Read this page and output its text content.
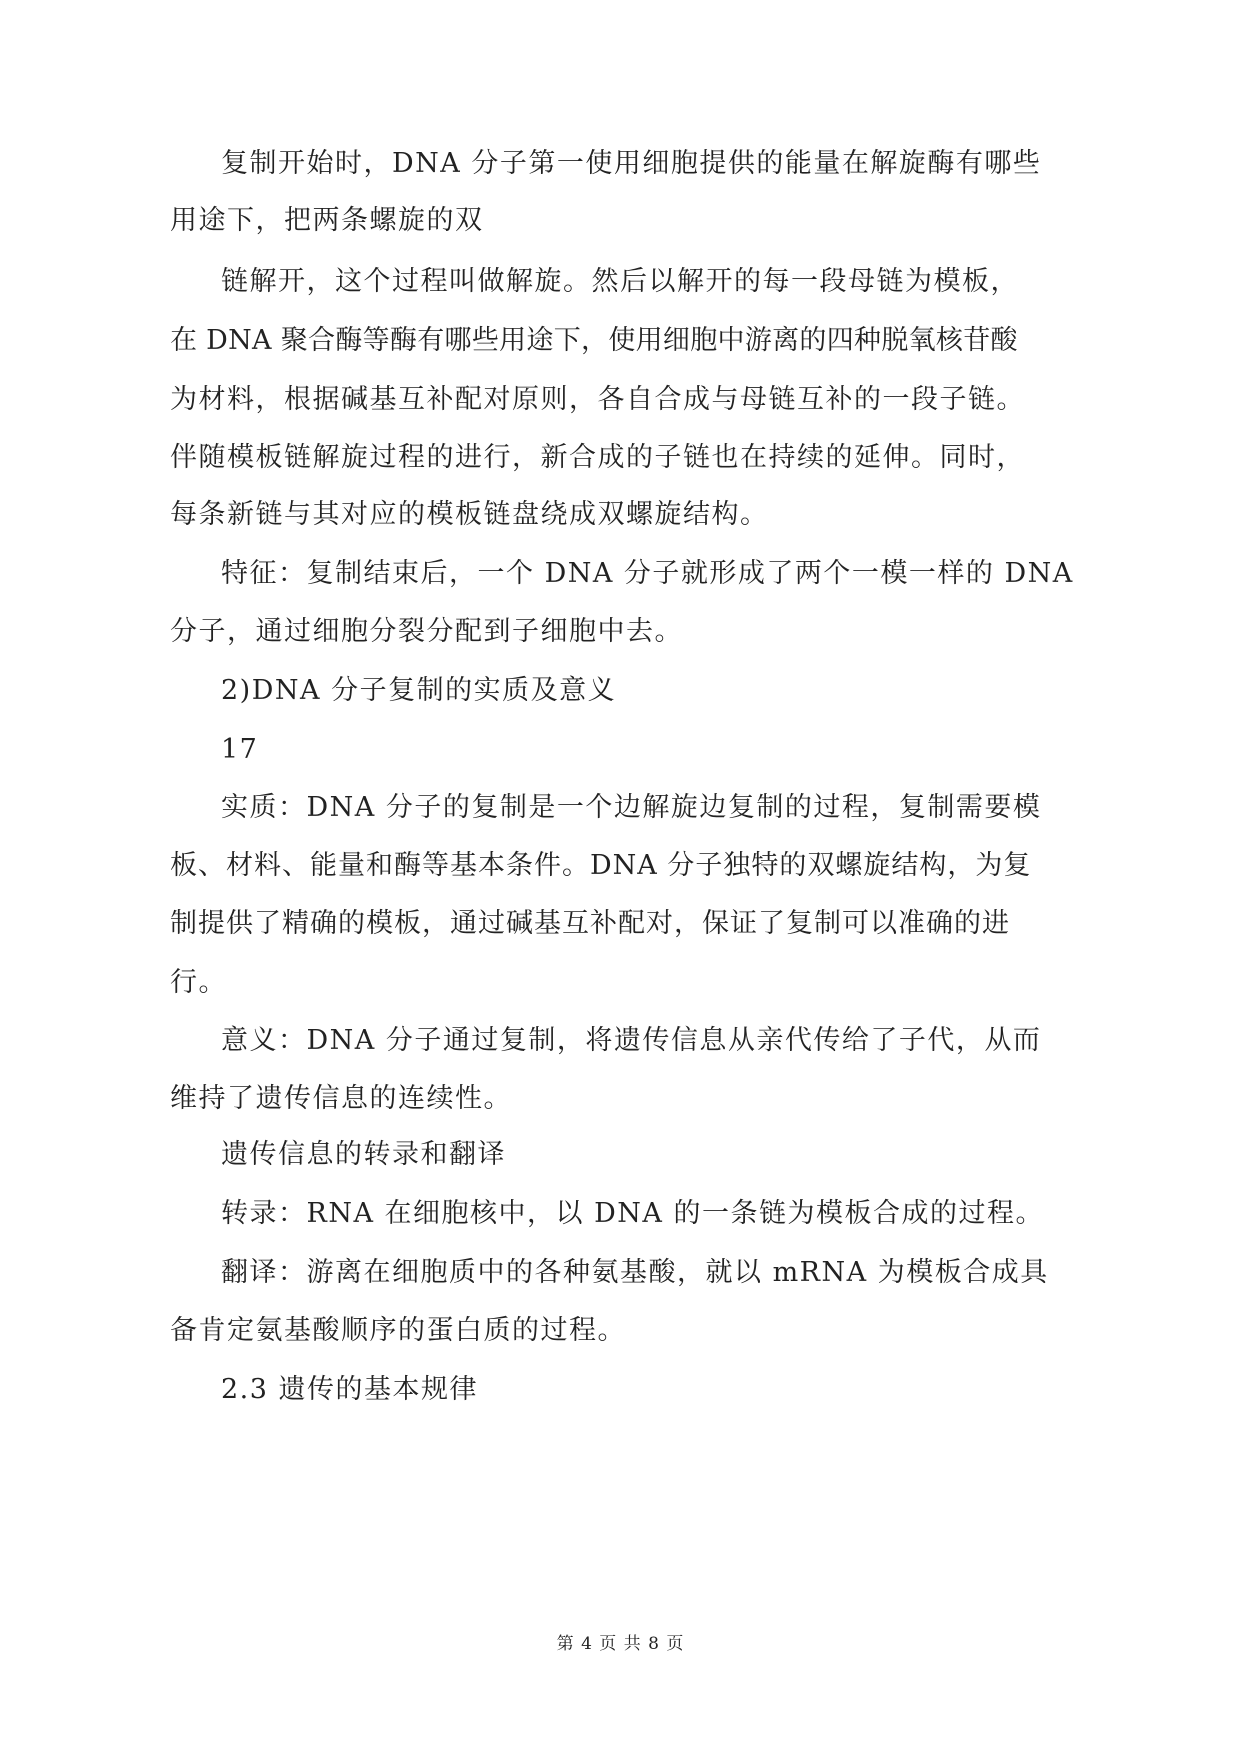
复制开始时，DNA 分子第一使用细胞提供的能量在解旋酶有哪些

用途下，把两条螺旋的双

链解开，这个过程叫做解旋。然后以解开的每一段母链为模板，

在 DNA 聚合酶等酶有哪些用途下，使用细胞中游离的四种脱氧核苷酸

为材料，根据碱基互补配对原则，各自合成与母链互补的一段子链。

伴随模板链解旋过程的进行，新合成的子链也在持续的延伸。同时，

每条新链与其对应的模板链盘绕成双螺旋结构。

特征：复制结束后，一个 DNA 分子就形成了两个一模一样的 DNA

分子，通过细胞分裂分配到子细胞中去。

2)DNA 分子复制的实质及意义

17

实质：DNA 分子的复制是一个边解旋边复制的过程，复制需要模

板、材料、能量和酶等基本条件。DNA 分子独特的双螺旋结构，为复

制提供了精确的模板，通过碱基互补配对，保证了复制可以准确的进

行。

意义：DNA 分子通过复制，将遗传信息从亲代传给了子代，从而

维持了遗传信息的连续性。

遗传信息的转录和翻译

转录：RNA 在细胞核中，以 DNA 的一条链为模板合成的过程。

翻译：游离在细胞质中的各种氨基酸，就以 mRNA 为模板合成具

备肯定氨基酸顺序的蛋白质的过程。

2.3 遗传的基本规律

第 4 页 共 8 页
